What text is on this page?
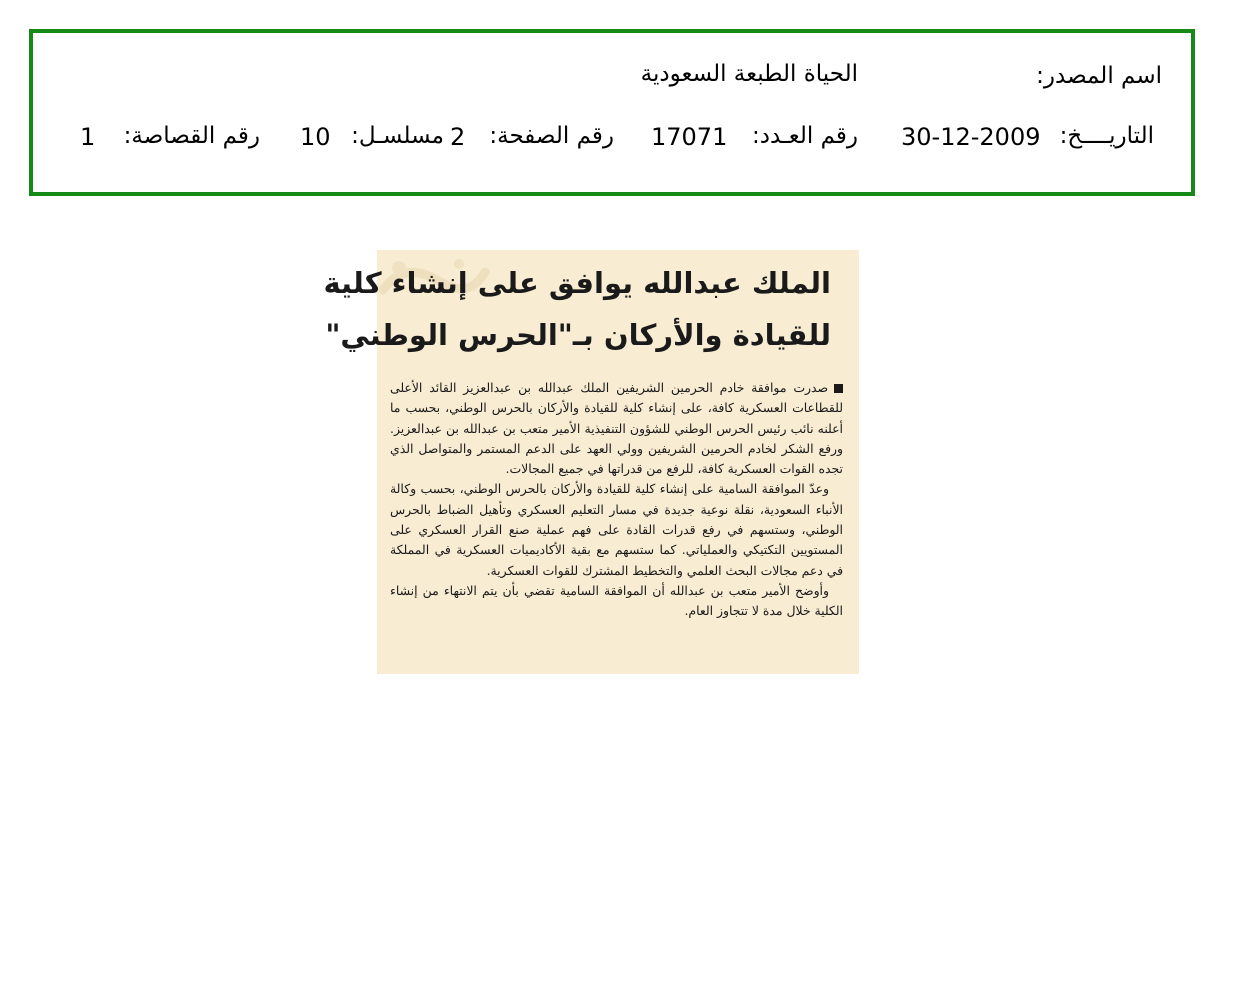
اسم المصدر:
الحياة الطبعة السعودية
التاريــــخ:
30-12-2009
رقم العـدد:
17071
رقم الصفحة:
2
مسلسـل:
10
رقم القصاصة:
1
الملك عبدالله يوافق على إنشاء كلية
للقيادة والأركان بـ"الحرس الوطني"

صدرت موافقة خادم الحرمين الشريفين الملك عبدالله بن عبدالعزيز القائد الأعلى للقطاعات العسكرية كافة، على إنشاء كلية للقيادة والأركان بالحرس الوطني، بحسب ما أعلنه نائب رئيس الحرس الوطني للشؤون التنفيذية الأمير متعب بن عبدالله بن عبدالعزيز. ورفع الشكر لخادم الحرمين الشريفين وولي العهد على الدعم المستمر والمتواصل الذي تجده القوات العسكرية كافة، للرفع من قدراتها في جميع المجالات.

وعدّ الموافقة السامية على إنشاء كلية للقيادة والأركان بالحرس الوطني، بحسب وكالة الأنباء السعودية، نقلة نوعية جديدة في مسار التعليم العسكري وتأهيل الضباط بالحرس الوطني، وستسهم في رفع قدرات القادة على فهم عملية صنع القرار العسكري على المستويين التكتيكي والعملياتي. كما ستسهم مع بقية الأكاديميات العسكرية في المملكة في دعم مجالات البحث العلمي والتخطيط المشترك للقوات العسكرية.

وأوضح الأمير متعب بن عبدالله أن الموافقة السامية تقضي بأن يتم الانتهاء من إنشاء الكلية خلال مدة لا تتجاوز العام.
